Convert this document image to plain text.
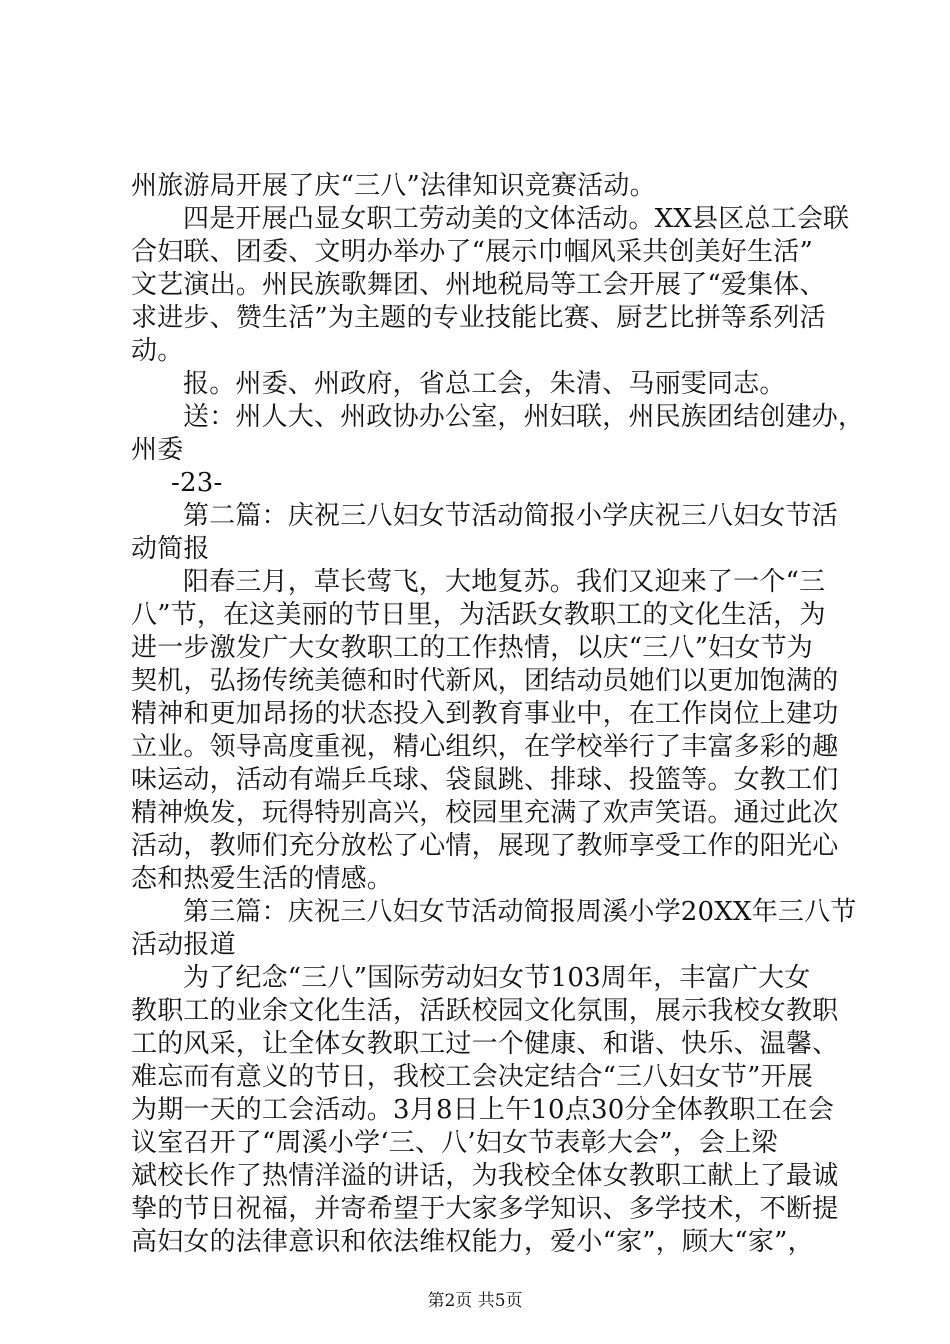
州旅游局开展了庆“三八”法律知识竞赛活动。
四是开展凸显女职工劳动美的文体活动。XX县区总工会联
合妇联、团委、文明办举办了“展示巾帼风采共创美好生活”
文艺演出。州民族歌舞团、州地税局等工会开展了“爱集体、
求进步、赞生活”为主题的专业技能比赛、厨艺比拼等系列活
动。
报。州委、州政府，省总工会，朱清、马丽雯同志。
送：州人大、州政协办公室，州妇联，州民族团结创建办，
州委
-23-
第二篇：庆祝三八妇女节活动简报小学庆祝三八妇女节活
动简报
阳春三月，草长莺飞，大地复苏。我们又迎来了一个“三
八”节，在这美丽的节日里，为活跃女教职工的文化生活，为
进一步激发广大女教职工的工作热情，以庆“三八”妇女节为
契机，弘扬传统美德和时代新风，团结动员她们以更加饱满的
精神和更加昂扬的状态投入到教育事业中，在工作岗位上建功
立业。领导高度重视，精心组织，在学校举行了丰富多彩的趣
味运动，活动有端乒乓球、袋鼠跳、排球、投篮等。女教工们
精神焕发，玩得特别高兴，校园里充满了欢声笑语。通过此次
活动，教师们充分放松了心情，展现了教师享受工作的阳光心
态和热爱生活的情感。
第三篇：庆祝三八妇女节活动简报周溪小学20XX年三八节
活动报道
为了纪念“三八”国际劳动妇女节103周年，丰富广大女
教职工的业余文化生活，活跃校园文化氛围，展示我校女教职
工的风采，让全体女教职工过一个健康、和谐、快乐、温馨、
难忘而有意义的节日，我校工会决定结合“三八妇女节”开展
为期一天的工会活动。3月8日上午10点30分全体教职工在会
议室召开了“周溪小学‘三、八’妇女节表彰大会”，会上梁
斌校长作了热情洋溢的讲话，为我校全体女教职工献上了最诚
挚的节日祝福，并寄希望于大家多学知识、多学技术，不断提
高妇女的法律意识和依法维权能力，爱小“家”，顾大“家”，
第2页 共5页
